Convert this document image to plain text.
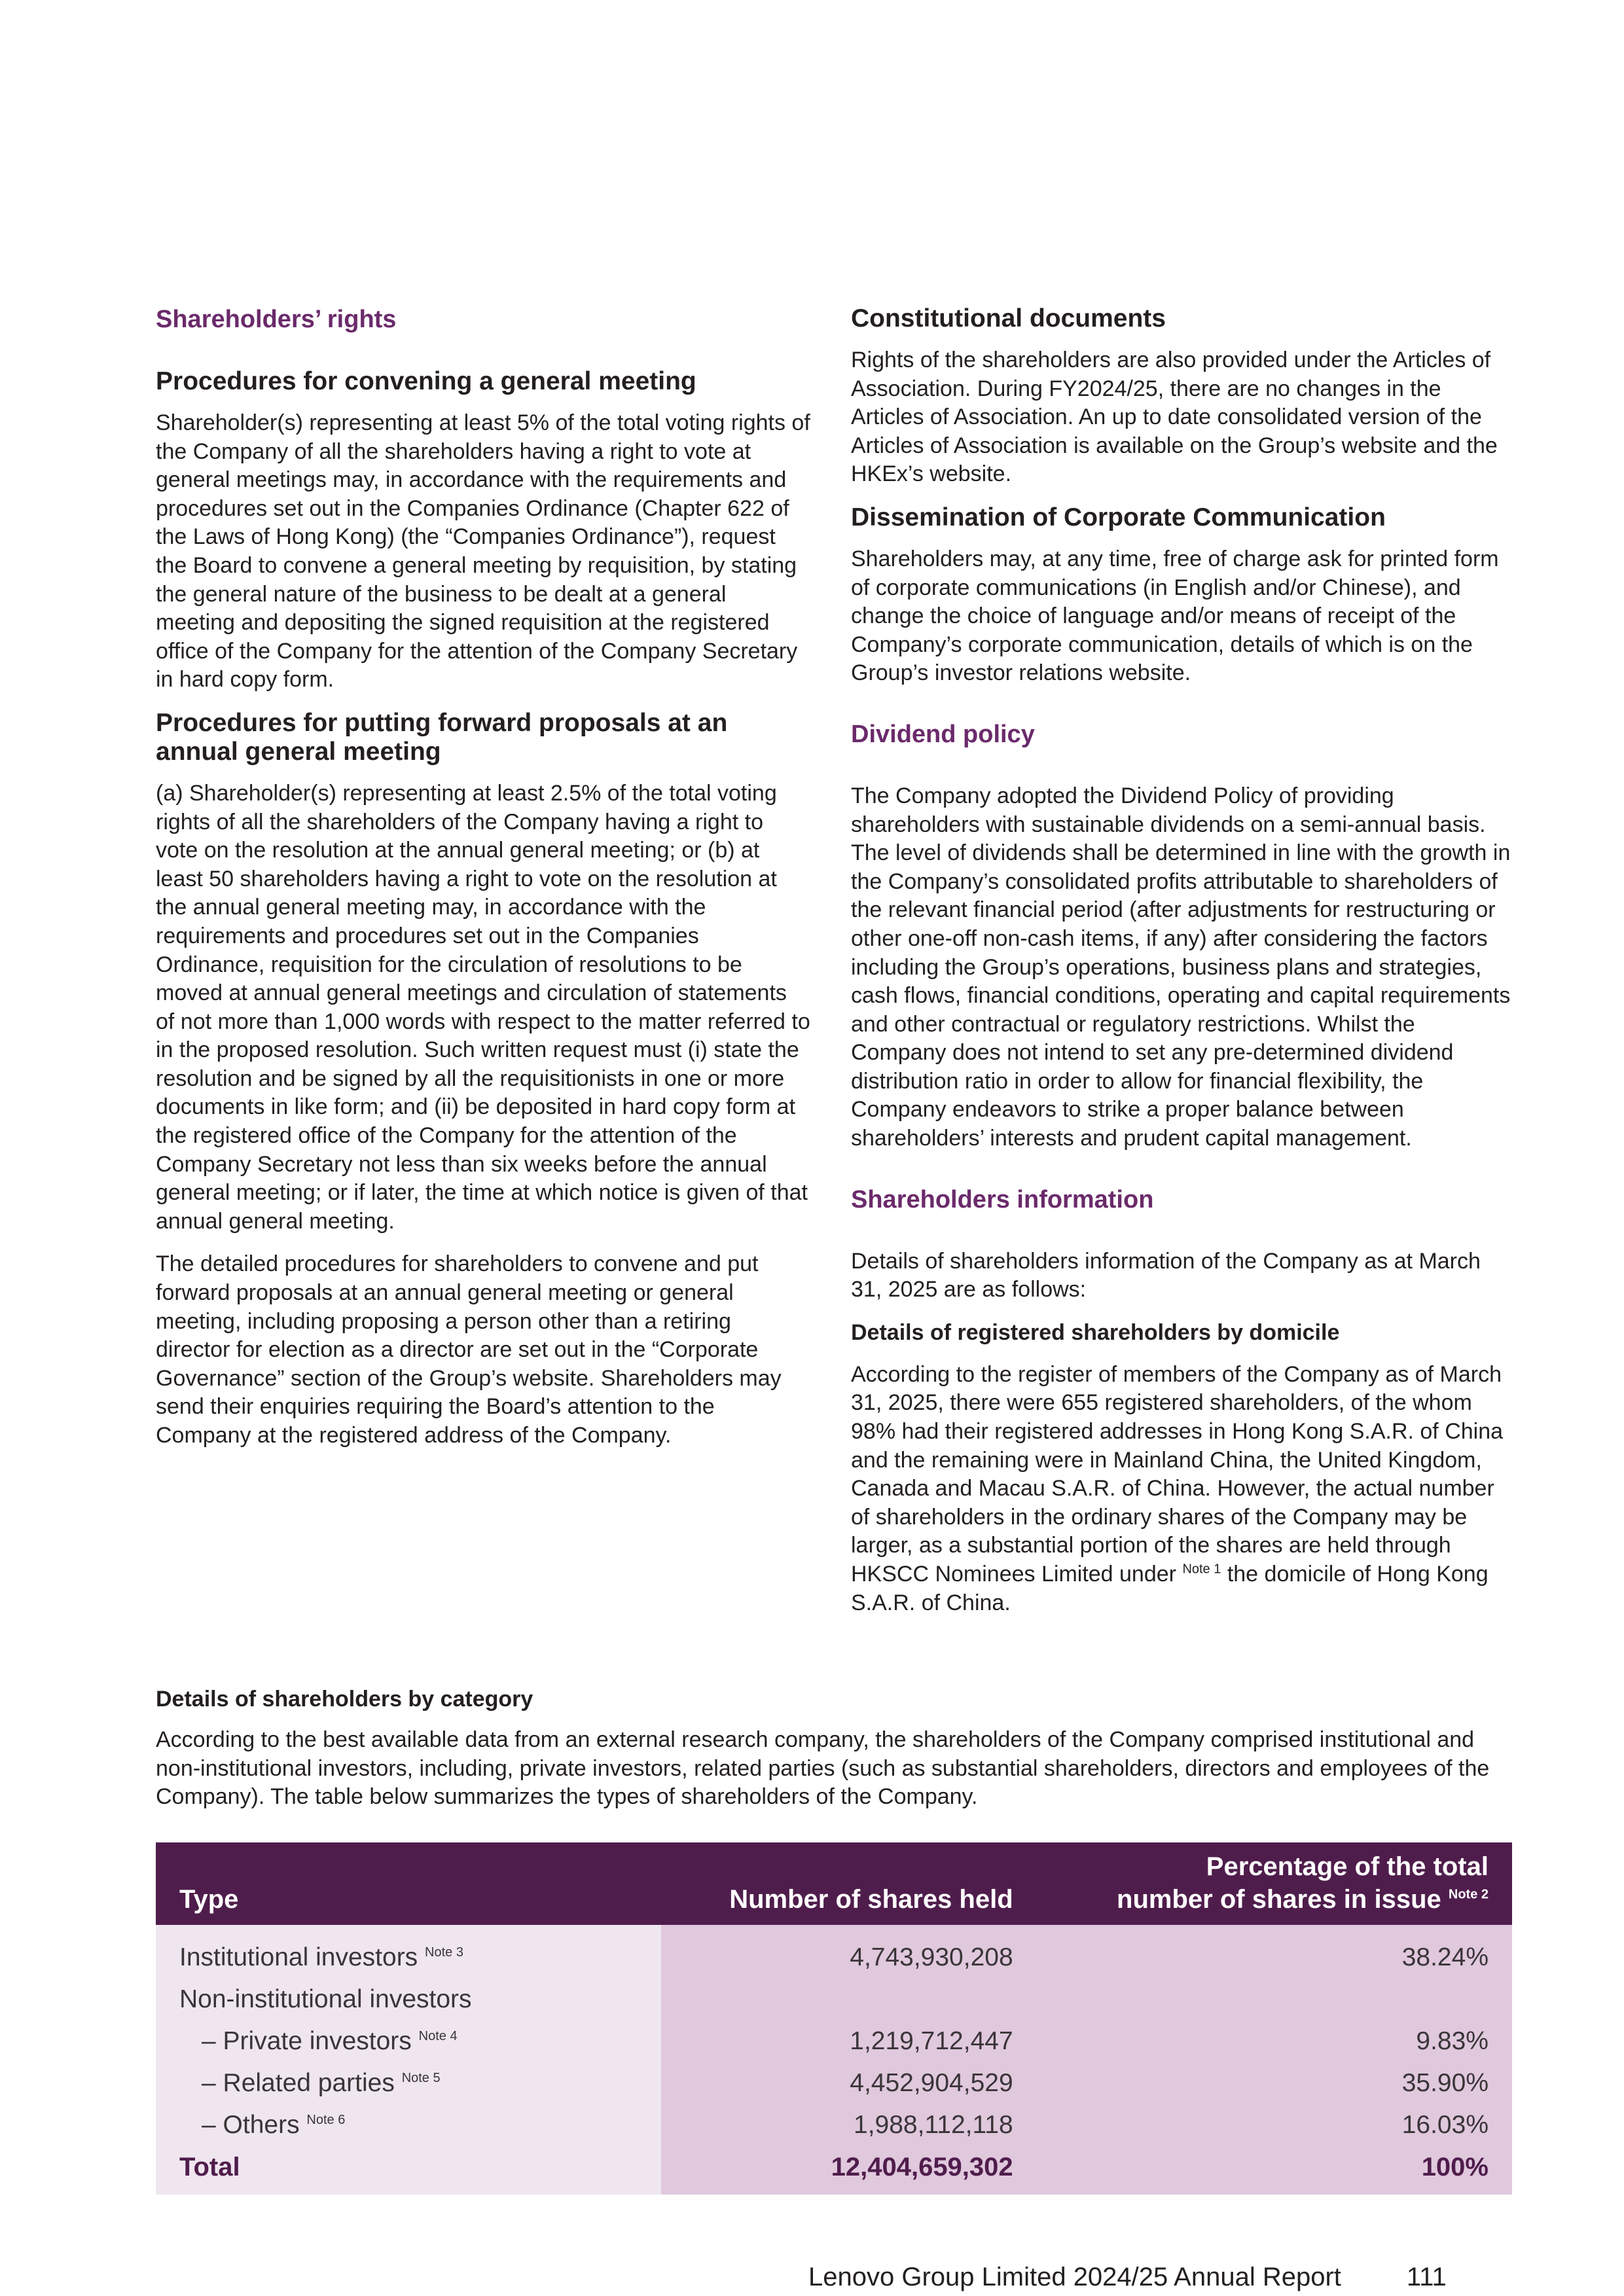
Shareholders’ rights
Procedures for convening a general meeting

Shareholder(s) representing at least 5% of the total voting rights of the Company of all the shareholders having a right to vote at general meetings may, in accordance with the requirements and procedures set out in the Companies Ordinance (Chapter 622 of the Laws of Hong Kong) (the “Companies Ordinance”), request the Board to convene a general meeting by requisition, by stating the general nature of the business to be dealt at a general meeting and depositing the signed requisition at the registered office of the Company for the attention of the Company Secretary in hard copy form.

Procedures for putting forward proposals at an annual general meeting

(a) Shareholder(s) representing at least 2.5% of the total voting rights of all the shareholders of the Company having a right to vote on the resolution at the annual general meeting; or (b) at least 50 shareholders having a right to vote on the resolution at the annual general meeting may, in accordance with the requirements and procedures set out in the Companies Ordinance, requisition for the circulation of resolutions to be moved at annual general meetings and circulation of statements of not more than 1,000 words with respect to the matter referred to in the proposed resolution. Such written request must (i) state the resolution and be signed by all the requisitionists in one or more documents in like form; and (ii) be deposited in hard copy form at the registered office of the Company for the attention of the Company Secretary not less than six weeks before the annual general meeting; or if later, the time at which notice is given of that annual general meeting.

The detailed procedures for shareholders to convene and put forward proposals at an annual general meeting or general meeting, including proposing a person other than a retiring director for election as a director are set out in the “Corporate Governance” section of the Group’s website. Shareholders may send their enquiries requiring the Board’s attention to the Company at the registered address of the Company.

Constitutional documents

Rights of the shareholders are also provided under the Articles of Association. During FY2024/25, there are no changes in the Articles of Association. An up to date consolidated version of the Articles of Association is available on the Group’s website and the HKEx’s website.

Dissemination of Corporate Communication

Shareholders may, at any time, free of charge ask for printed form of corporate communications (in English and/or Chinese), and change the choice of language and/or means of receipt of the Company’s corporate communication, details of which is on the Group’s investor relations website.

Dividend policy

The Company adopted the Dividend Policy of providing shareholders with sustainable dividends on a semi-annual basis. The level of dividends shall be determined in line with the growth in the Company’s consolidated profits attributable to shareholders of the relevant financial period (after adjustments for restructuring or other one-off non-cash items, if any) after considering the factors including the Group’s operations, business plans and strategies, cash flows, financial conditions, operating and capital requirements and other contractual or regulatory restrictions. Whilst the Company does not intend to set any pre-determined dividend distribution ratio in order to allow for financial flexibility, the Company endeavors to strike a proper balance between shareholders’ interests and prudent capital management.

Shareholders information

Details of shareholders information of the Company as at March 31, 2025 are as follows:

Details of registered shareholders by domicile

According to the register of members of the Company as of March 31, 2025, there were 655 registered shareholders, of the whom 98% had their registered addresses in Hong Kong S.A.R. of China and the remaining were in Mainland China, the United Kingdom, Canada and Macau S.A.R. of China. However, the actual number of shareholders in the ordinary shares of the Company may be larger, as a substantial portion of the shares are held through HKSCC Nominees Limited under $^{Note 1}$ the domicile of Hong Kong S.A.R. of China.

Details of shareholders by category

According to the best available data from an external research company, the shareholders of the Company comprised institutional and non-institutional investors, including, private investors, related parties (such as substantial shareholders, directors and employees of the Company). The table below summarizes the types of shareholders of the Company.

Type	Number of shares held	Percentage of the total
number of shares in issue $^{Note 2}$
Institutional investors $^{Note 3}$	4,743,930,208	38.24%
Non-institutional investors		
– Private investors $^{Note 4}$	1,219,712,447	9.83%
– Related parties $^{Note 5}$	4,452,904,529	35.90%
– Others $^{Note 6}$	1,988,112,118	16.03%
Total	12,404,659,302	100%
Lenovo Group Limited 2024/25 Annual Report	111
